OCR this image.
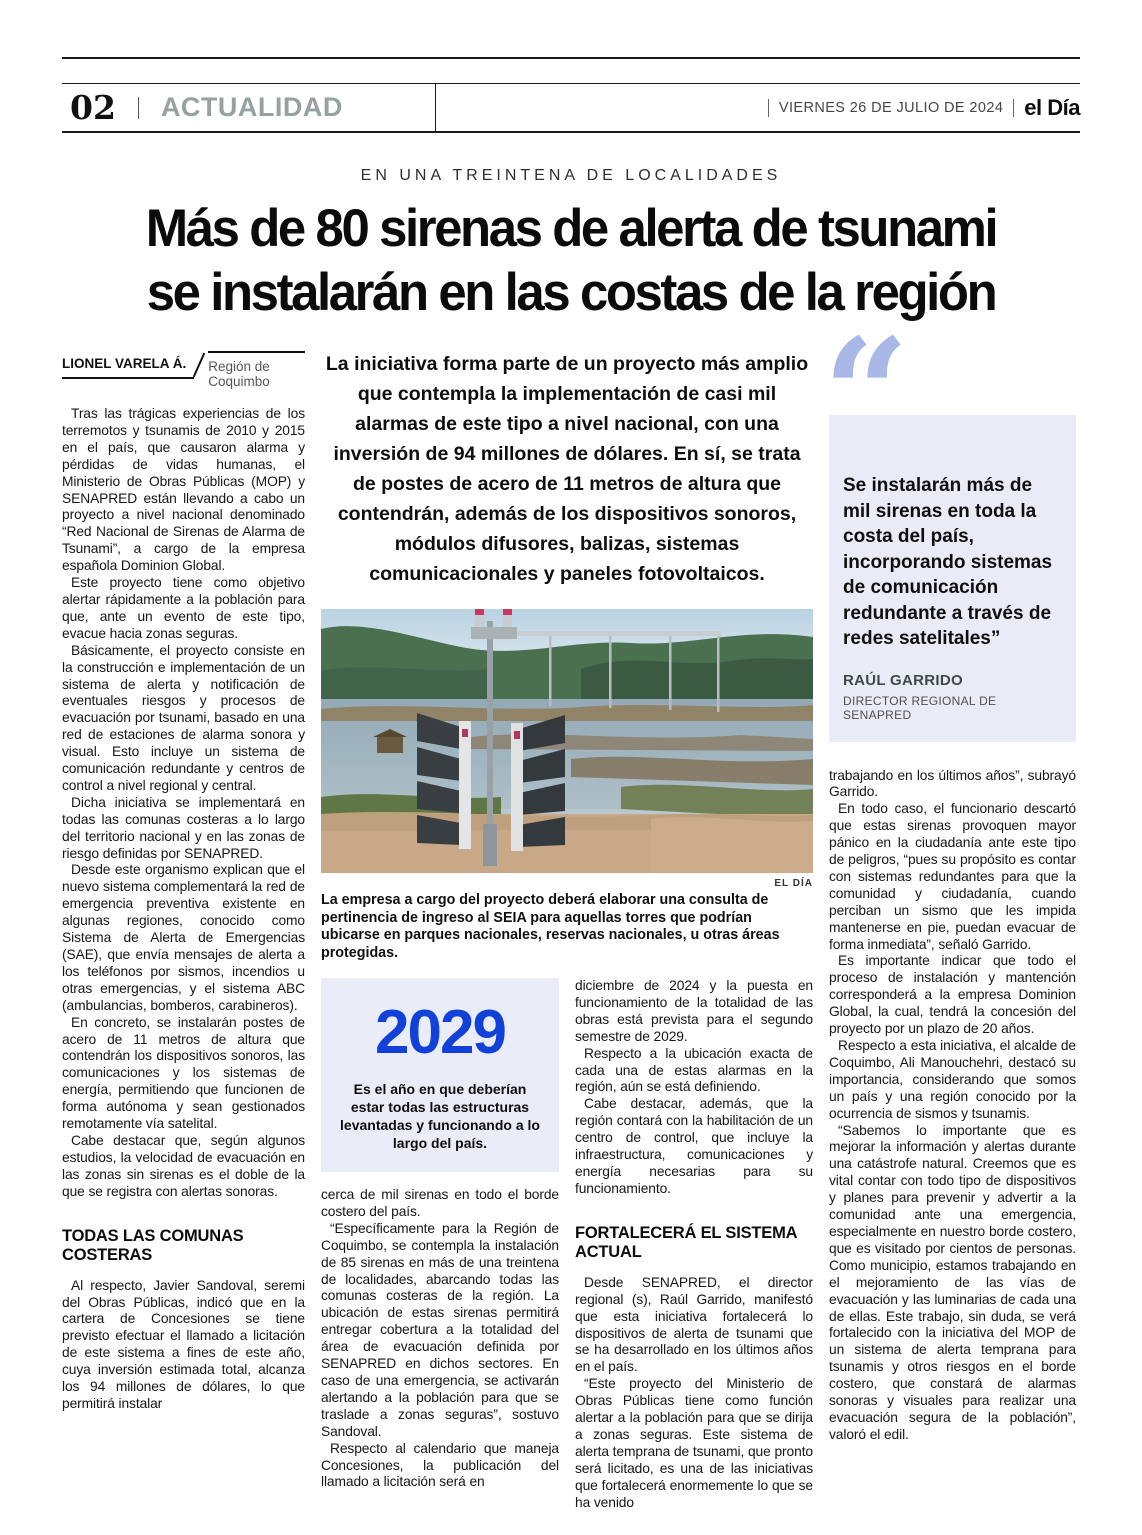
02 ACTUALIDAD	VIERNES 26 DE JULIO DE 2024 el Día
EN UNA TREINTENA DE LOCALIDADES
Más de 80 sirenas de alerta de tsunami
se instalarán en las costas de la región
LIONEL VARELA Á.	Región de Coquimbo

Tras las trágicas experiencias de los terremotos y tsunamis de 2010 y 2015 en el país, que causaron alarma y pérdidas de vidas humanas, el Ministerio de Obras Públicas (MOP) y SENAPRED están llevando a cabo un proyecto a nivel nacional denominado “Red Nacional de Sirenas de Alarma de Tsunami”, a cargo de la empresa española Dominion Global.

Este proyecto tiene como objetivo alertar rápidamente a la población para que, ante un evento de este tipo, evacue hacia zonas seguras.

Básicamente, el proyecto consiste en la construcción e implementación de un sistema de alerta y notificación de eventuales riesgos y procesos de evacuación por tsunami, basado en una red de estaciones de alarma sonora y visual. Esto incluye un sistema de comunicación redundante y centros de control a nivel regional y central.

Dicha iniciativa se implementará en todas las comunas costeras a lo largo del territorio nacional y en las zonas de riesgo definidas por SENAPRED.

Desde este organismo explican que el nuevo sistema complementará la red de emergencia preventiva existente en algunas regiones, conocido como Sistema de Alerta de Emergencias (SAE), que envía mensajes de alerta a los teléfonos por sismos, incendios u otras emergencias, y el sistema ABC (ambulancias, bomberos, carabineros).

En concreto, se instalarán postes de acero de 11 metros de altura que contendrán los dispositivos sonoros, las comunicaciones y los sistemas de energía, permitiendo que funcionen de forma autónoma y sean gestionados remotamente vía satelital.

Cabe destacar que, según algunos estudios, la velocidad de evacuación en las zonas sin sirenas es el doble de la que se registra con alertas sonoras.

TODAS LAS COMUNAS COSTERAS

Al respecto, Javier Sandoval, seremi del Obras Públicas, indicó que en la cartera de Concesiones se tiene previsto efectuar el llamado a licitación de este sistema a fines de este año, cuya inversión estimada total, alcanza los 94 millones de dólares, lo que permitirá instalar

La iniciativa forma parte de un proyecto más amplio que contempla la implementación de casi mil alarmas de este tipo a nivel nacional, con una inversión de 94 millones de dólares. En sí, se trata de postes de acero de 11 metros de altura que contendrán, además de los dispositivos sonoros, módulos difusores, balizas, sistemas comunicacionales y paneles fotovoltaicos.

EL DÍA
La empresa a cargo del proyecto deberá elaborar una consulta de pertinencia de ingreso al SEIA para aquellas torres que podrían ubicarse en parques nacionales, reservas nacionales, u otras áreas protegidas.
2029
Es el año en que deberían estar todas las estructuras levantadas y funcionando a lo largo del país.

cerca de mil sirenas en todo el borde costero del país.

“Específicamente para la Región de Coquimbo, se contempla la instalación de 85 sirenas en más de una treintena de localidades, abarcando todas las comunas costeras de la región. La ubicación de estas sirenas permitirá entregar cobertura a la totalidad del área de evacuación definida por SENAPRED en dichos sectores. En caso de una emergencia, se activarán alertando a la población para que se traslade a zonas seguras”, sostuvo Sandoval.

Respecto al calendario que maneja Concesiones, la publicación del llamado a licitación será en

diciembre de 2024 y la puesta en funcionamiento de la totalidad de las obras está prevista para el segundo semestre de 2029.

Respecto a la ubicación exacta de cada una de estas alarmas en la región, aún se está definiendo.

Cabe destacar, además, que la región contará con la habilitación de un centro de control, que incluye la infraestructura, comunicaciones y energía necesarias para su funcionamiento.

FORTALECERÁ EL SISTEMA ACTUAL

Desde SENAPRED, el director regional (s), Raúl Garrido, manifestó que esta iniciativa fortalecerá lo dispositivos de alerta de tsunami que se ha desarrollado en los últimos años en el país.

“Este proyecto del Ministerio de Obras Públicas tiene como función alertar a la población para que se dirija a zonas seguras. Este sistema de alerta temprana de tsunami, que pronto será licitado, es una de las iniciativas que fortalecerá enormemente lo que se ha venido

“
Se instalarán más de mil sirenas en toda la costa del país, incorporando sistemas de comunicación redundante a través de redes satelitales”
RAÚL GARRIDO
DIRECTOR REGIONAL DE SENAPRED

trabajando en los últimos años”, subrayó Garrido.

En todo caso, el funcionario descartó que estas sirenas provoquen mayor pánico en la ciudadanía ante este tipo de peligros, “pues su propósito es contar con sistemas redundantes para que la comunidad y ciudadanía, cuando perciban un sismo que les impida mantenerse en pie, puedan evacuar de forma inmediata”, señaló Garrido.

Es importante indicar que todo el proceso de instalación y mantención corresponderá a la empresa Dominion Global, la cual, tendrá la concesión del proyecto por un plazo de 20 años.

Respecto a esta iniciativa, el alcalde de Coquimbo, Ali Manouchehri, destacó su importancia, considerando que somos un país y una región conocido por la ocurrencia de sismos y tsunamis.

“Sabemos lo importante que es mejorar la información y alertas durante una catástrofe natural. Creemos que es vital contar con todo tipo de dispositivos y planes para prevenir y advertir a la comunidad ante una emergencia, especialmente en nuestro borde costero, que es visitado por cientos de personas. Como municipio, estamos trabajando en el mejoramiento de las vías de evacuación y las luminarias de cada una de ellas. Este trabajo, sin duda, se verá fortalecido con la iniciativa del MOP de un sistema de alerta temprana para tsunamis y otros riesgos en el borde costero, que constará de alarmas sonoras y visuales para realizar una evacuación segura de la población”, valoró el edil.
